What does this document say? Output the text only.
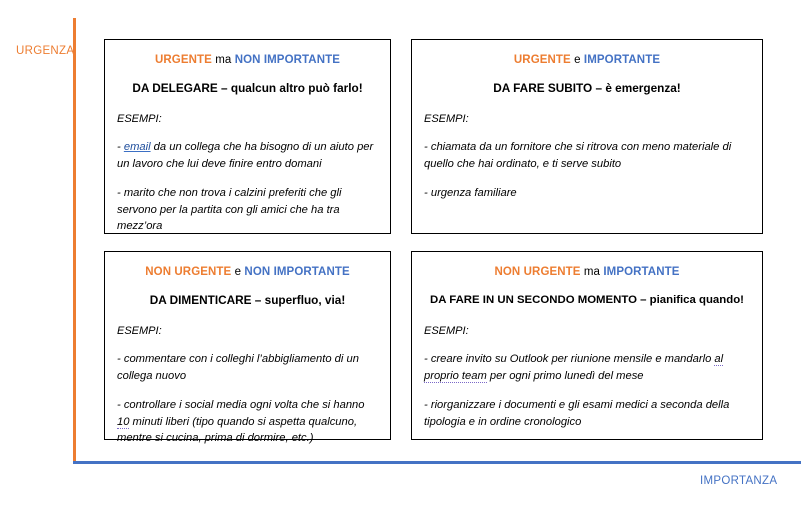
URGENZA
IMPORTANZA
URGENTE ma NON IMPORTANTE
DA DELEGARE – qualcun altro può farlo!
ESEMPI:
- email da un collega che ha bisogno di un aiuto per un lavoro che lui deve finire entro domani
- marito che non trova i calzini preferiti che gli servono per la partita con gli amici che ha tra mezz’ora
URGENTE e IMPORTANTE
DA FARE SUBITO – è emergenza!
ESEMPI:
- chiamata da un fornitore che si ritrova con meno materiale di quello che hai ordinato, e ti serve subito
- urgenza familiare
NON URGENTE e NON IMPORTANTE
DA DIMENTICARE – superfluo, via!
ESEMPI:
- commentare con i colleghi l’abbigliamento di un collega nuovo
- controllare i social media ogni volta che si hanno 10 minuti liberi (tipo quando si aspetta qualcuno, mentre si cucina, prima di dormire, etc.)
NON URGENTE ma IMPORTANTE
DA FARE IN UN SECONDO MOMENTO – pianifica quando!
ESEMPI:
- creare invito su Outlook per riunione mensile e mandarlo al proprio team per ogni primo lunedì del mese
- riorganizzare i documenti e gli esami medici a seconda della tipologia e in ordine cronologico
